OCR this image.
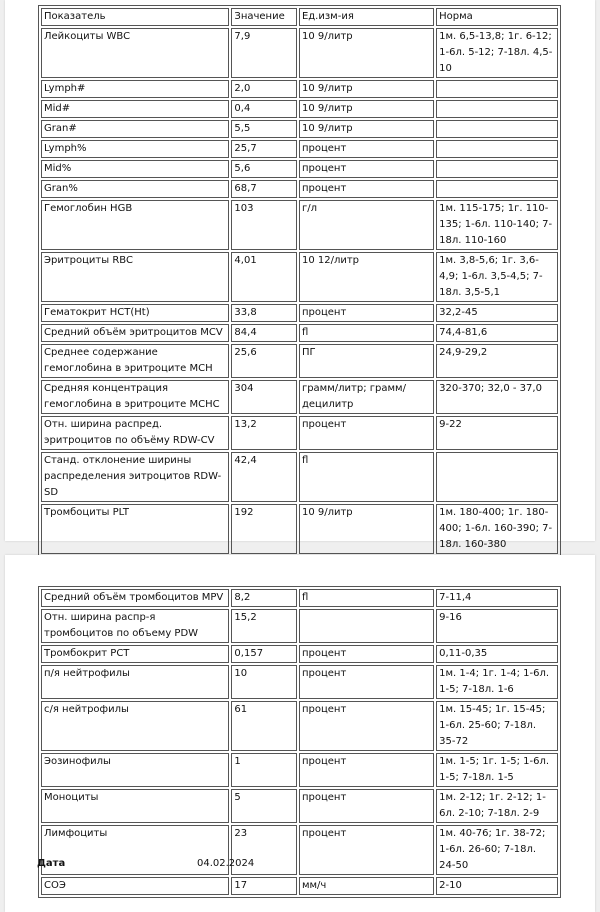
Показатель	Значение	Ед.изм-ия	Норма
Лейкоциты WBC	7,9	10 9/литр	1м. 6,5-13,8; 1г. 6-12; 1-6л. 5-12; 7-18л. 4,5-10
Lymph#	2,0	10 9/литр	
Mid#	0,4	10 9/литр	
Gran#	5,5	10 9/литр	
Lymph%	25,7	процент	
Mid%	5,6	процент	
Gran%	68,7	процент	
Гемоглобин HGB	103	г/л	1м. 115-175; 1г. 110-135; 1-6л. 110-140; 7-18л. 110-160
Эритроциты RBC	4,01	10 12/литр	1м. 3,8-5,6; 1г. 3,6-4,9; 1-6л. 3,5-4,5; 7-18л. 3,5-5,1
Гематокрит HCT(Ht)	33,8	процент	32,2-45
Средний объём эритроцитов MCV	84,4	fl	74,4-81,6
Среднее содержание гемоглобина в эритроците MCH	25,6	ПГ	24,9-29,2
Средняя концентрация гемоглобина в эритроците MCHC	304	грамм/литр; грамм/децилитр	320-370; 32,0 - 37,0
Отн. ширина распред. эритроцитов по объёму RDW-CV	13,2	процент	9-22
Станд. отклонение ширины распределения эитроцитов RDW-SD	42,4	fl	
Тромбоциты PLT	192	10 9/литр	1м. 180-400; 1г. 180-400; 1-6л. 160-390; 7-18л. 160-380
Средний объём тромбоцитов MPV	8,2	fl	7-11,4
Отн. ширина распр-я тромбоцитов по объему PDW	15,2		9-16
Тромбокрит PCT	0,157	процент	0,11-0,35
п/я нейтрофилы	10	процент	1м. 1-4; 1г. 1-4; 1-6л. 1-5; 7-18л. 1-6
с/я нейтрофилы	61	процент	1м. 15-45; 1г. 15-45; 1-6л. 25-60; 7-18л. 35-72
Эозинофилы	1	процент	1м. 1-5; 1г. 1-5; 1-6л. 1-5; 7-18л. 1-5
Моноциты	5	процент	1м. 2-12; 1г. 2-12; 1-6л. 2-10; 7-18л. 2-9
Лимфоциты	23	процент	1м. 40-76; 1г. 38-72; 1-6л. 26-60; 7-18л. 24-50
СОЭ	17	мм/ч	2-10
Дата	04.02.2024
